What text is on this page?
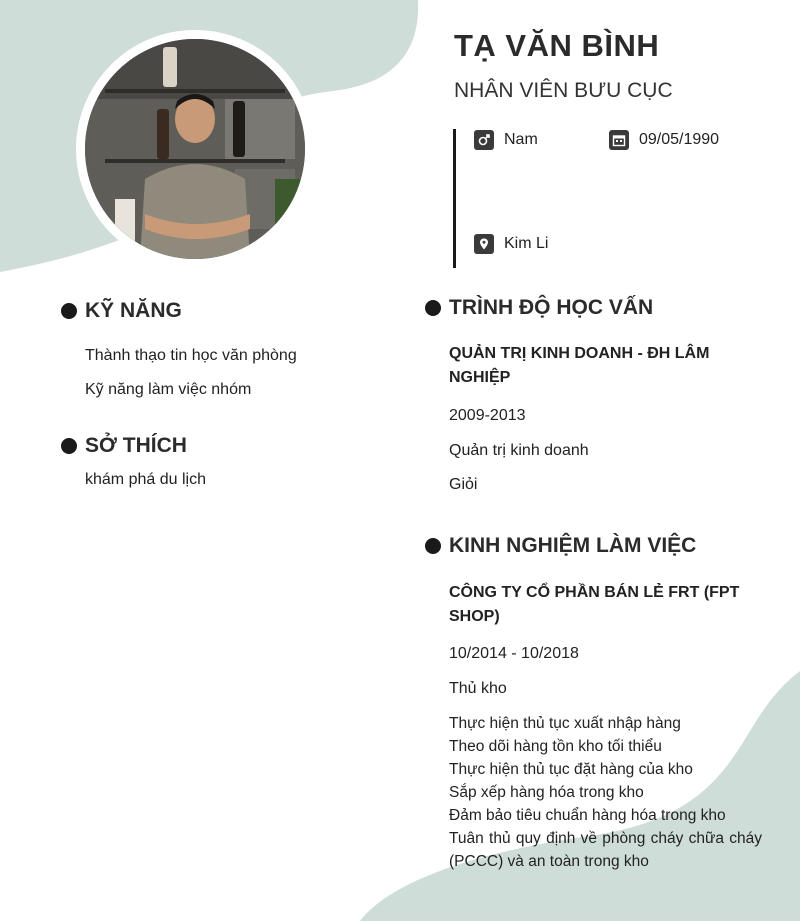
TẠ VĂN BÌNH
NHÂN VIÊN BƯU CỤC
Nam	09/05/1990
Kim Li
KỸ NĂNG
Thành thạo tin học văn phòng
Kỹ năng làm việc nhóm
SỞ THÍCH
khám phá du lịch
TRÌNH ĐỘ HỌC VẤN
QUẢN TRỊ KINH DOANH - ĐH LÂM
NGHIỆP
2009-2013
Quản trị kinh doanh
Giỏi
KINH NGHIỆM LÀM VIỆC
CÔNG TY CỔ PHẦN BÁN LẺ FRT (FPT
SHOP)
10/2014 - 10/2018
Thủ kho
Thực hiện thủ tục xuất nhập hàng
Theo dõi hàng tồn kho tối thiểu
Thực hiện thủ tục đặt hàng của kho
Sắp xếp hàng hóa trong kho
Đảm bảo tiêu chuẩn hàng hóa trong kho
Tuân thủ quy định về phòng cháy chữa cháy (PCCC) và an toàn trong kho
